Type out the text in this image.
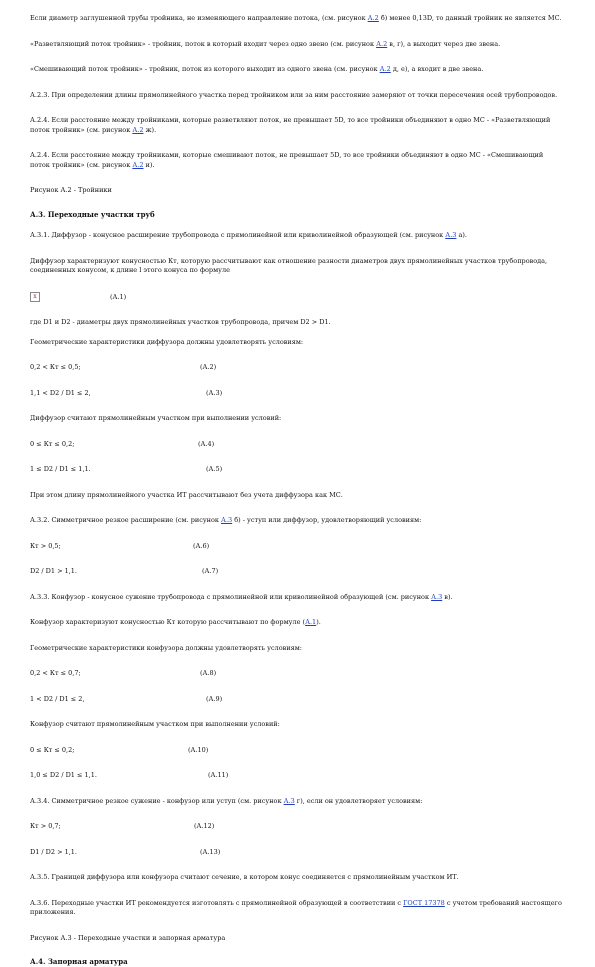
Если диаметр заглушенной трубы тройника, не изменяющего направление потока, (см. рисунок А.2 б) менее 0,13D, то данный тройник не является МС.
«Разветвляющий поток тройник» - тройник, поток в который входит через одно звено (см. рисунок А.2 в, г), а выходит через две звена.
«Смешивающий поток тройник» - тройник, поток из которого выходит из одного звена (см. рисунок А.2 д, е), а входит в две звена.
А.2.3. При определении длины прямолинейного участка перед тройником или за ним расстояние замеряют от точки пересечения осей трубопроводов.
А.2.4. Если расстояние между тройниками, которые разветвляют поток, не превышает 5D, то все тройники объединяют в одно МС - «Разветвляющий поток тройник» (см. рисунок А.2 ж).
А.2.4. Если расстояние между тройниками, которые смешивают поток, не превышает 5D, то все тройники объединяют в одно МС - «Смешивающий поток тройник» (см. рисунок А.2 и).
Рисунок А.2 - Тройники
А.3. Переходные участки труб
А.3.1. Диффузор - конусное расширение трубопровода с прямолинейной или криволинейной образующей (см. рисунок А.3 а).
Диффузор характеризуют конусностью Кт, которую рассчитывают как отношение разности диаметров двух прямолинейных участков трубопровода, соединенных конусом, к длине l этого конуса по формуле
x	(А.1)
где D1 и D2 - диаметры двух прямолинейных участков трубопровода, причем D2 > D1.
Геометрические характеристики диффузора должны удовлетворять условиям:
0,2 < Кт ≤ 0,5;	(А.2)
1,1 < D2 / D1 ≤ 2,	(А.3)
Диффузор считают прямолинейным участком при выполнении условий:
0 ≤ Кт ≤ 0,2;	(А.4)
1 ≤ D2 / D1 ≤ 1,1.	(А.5)
При этом длину прямолинейного участка ИТ рассчитывают без учета диффузора как МС.
А.3.2. Симметричное резкое расширение (см. рисунок А.3 б) - уступ или диффузор, удовлетворяющий условиям:
Кт > 0,5;	(А.6)
D2 / D1 > 1,1.	(А.7)
А.3.3. Конфузор - конусное сужение трубопровода с прямолинейной или криволинейной образующей (см. рисунок А.3 в).
Конфузор характеризуют конусностью Кт которую рассчитывают по формуле (А.1).
Геометрические характеристики конфузора должны удовлетворять условиям:
0,2 < Кт ≤ 0,7;	(А.8)
1 < D2 / D1 ≤ 2,	(А.9)
Конфузор считают прямолинейным участком при выполнении условий:
0 ≤ Кт ≤ 0,2;	(А.10)
1,0 ≤ D2 / D1 ≤ 1,1.	(А.11)
А.3.4. Симметричное резкое сужение - конфузор или уступ (см. рисунок А.3 г), если он удовлетворяет условиям:
Кт > 0,7;	(А.12)
D1 / D2 > 1,1.	(А.13)
А.3.5. Границей диффузора или конфузора считают сечение, в котором конус соединяется с прямолинейным участком ИТ.
А.3.6. Переходные участки ИТ рекомендуется изготовлять с прямолинейной образующей в соответствии с ГОСТ 17378 с учетом требований настоящего приложения.
Рисунок А.3 - Переходные участки и запорная арматура
А.4. Запорная арматура
